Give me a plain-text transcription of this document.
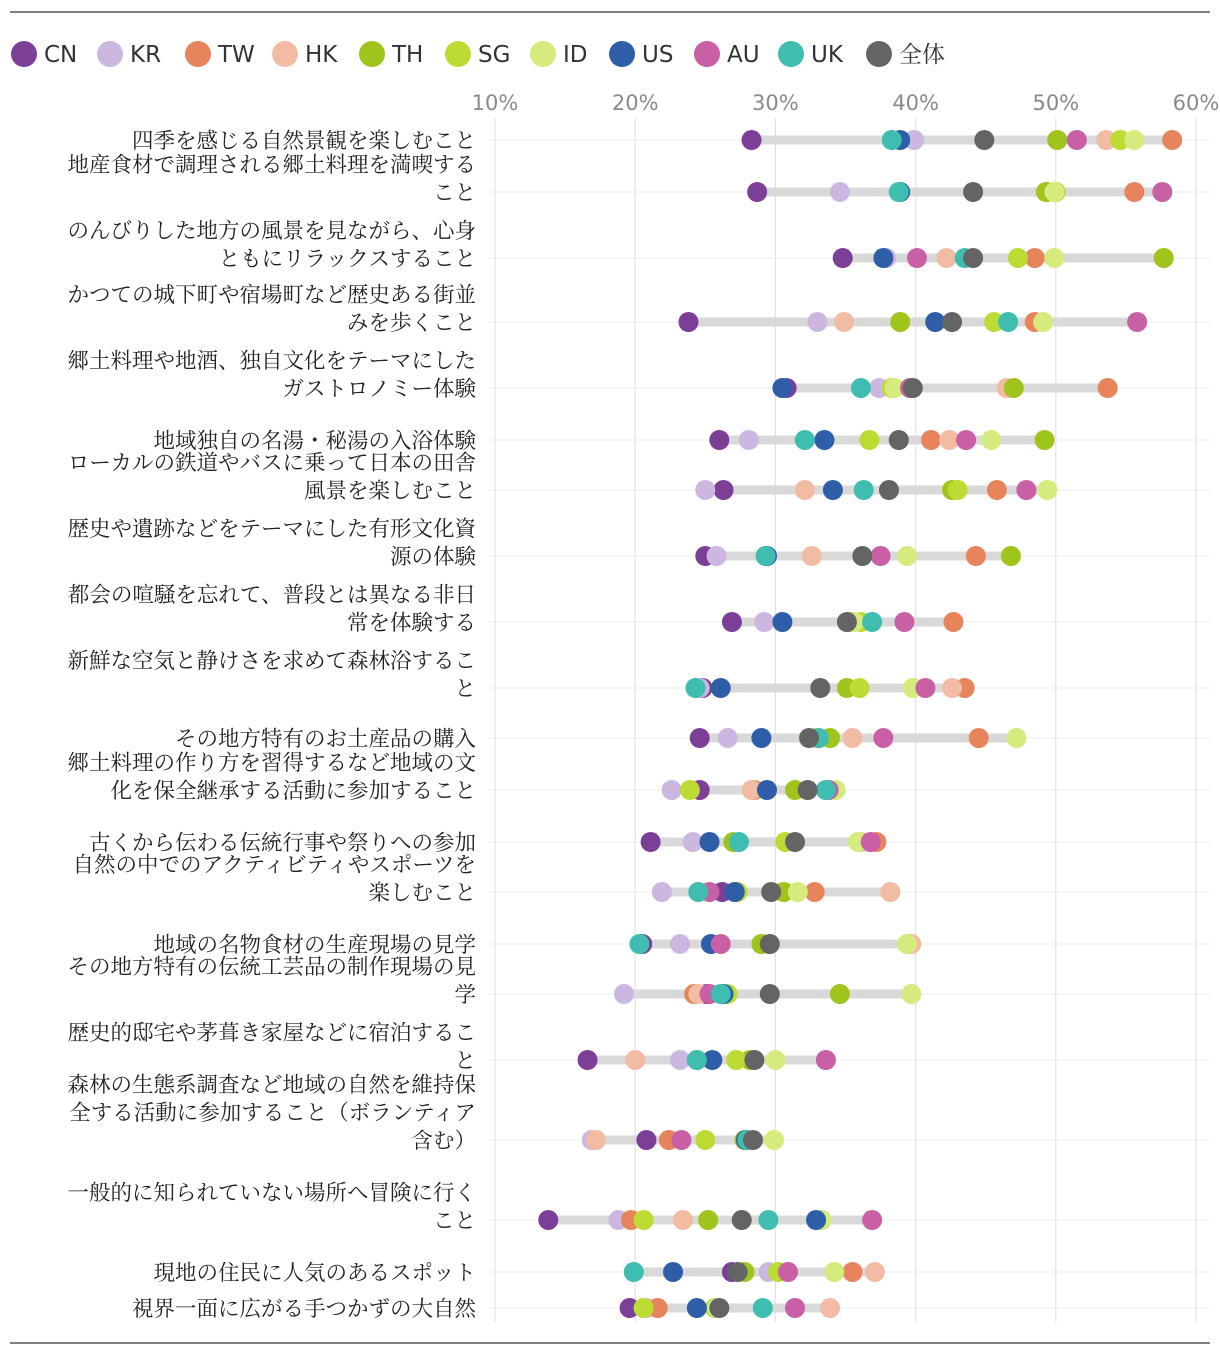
CN KR TW HK TH SG ID US AU UK 全体
10%	20%	30%	40%	50%	60%
四季を感じる自然景観を楽しむこと
地産食材で調理される郷土料理を満喫すること
のんびりした地方の風景を見ながら、心身ともにリラックスすること
かつての城下町や宿場町など歴史ある街並みを歩くこと
郷土料理や地酒、独自文化をテーマにしたガストロノミー体験
地域独自の名湯・秘湯の入浴体験
ローカルの鉄道やバスに乗って日本の田舎風景を楽しむこと
歴史や遺跡などをテーマにした有形文化資源の体験
都会の喧騒を忘れて、普段とは異なる非日常を体験する
新鮮な空気と静けさを求めて森林浴すること
その地方特有のお土産品の購入
郷土料理の作り方を習得するなど地域の文化を保全継承する活動に参加すること
古くから伝わる伝統行事や祭りへの参加
自然の中でのアクティビティやスポーツを楽しむこと
地域の名物食材の生産現場の見学
その地方特有の伝統工芸品の制作現場の見学
歴史的邸宅や茅葺き家屋などに宿泊すること
森林の生態系調査など地域の自然を維持保全する活動に参加すること（ボランティア含む）
一般的に知られていない場所へ冒険に行くこと
現地の住民に人気のあるスポット
視界一面に広がる手つかずの大自然
